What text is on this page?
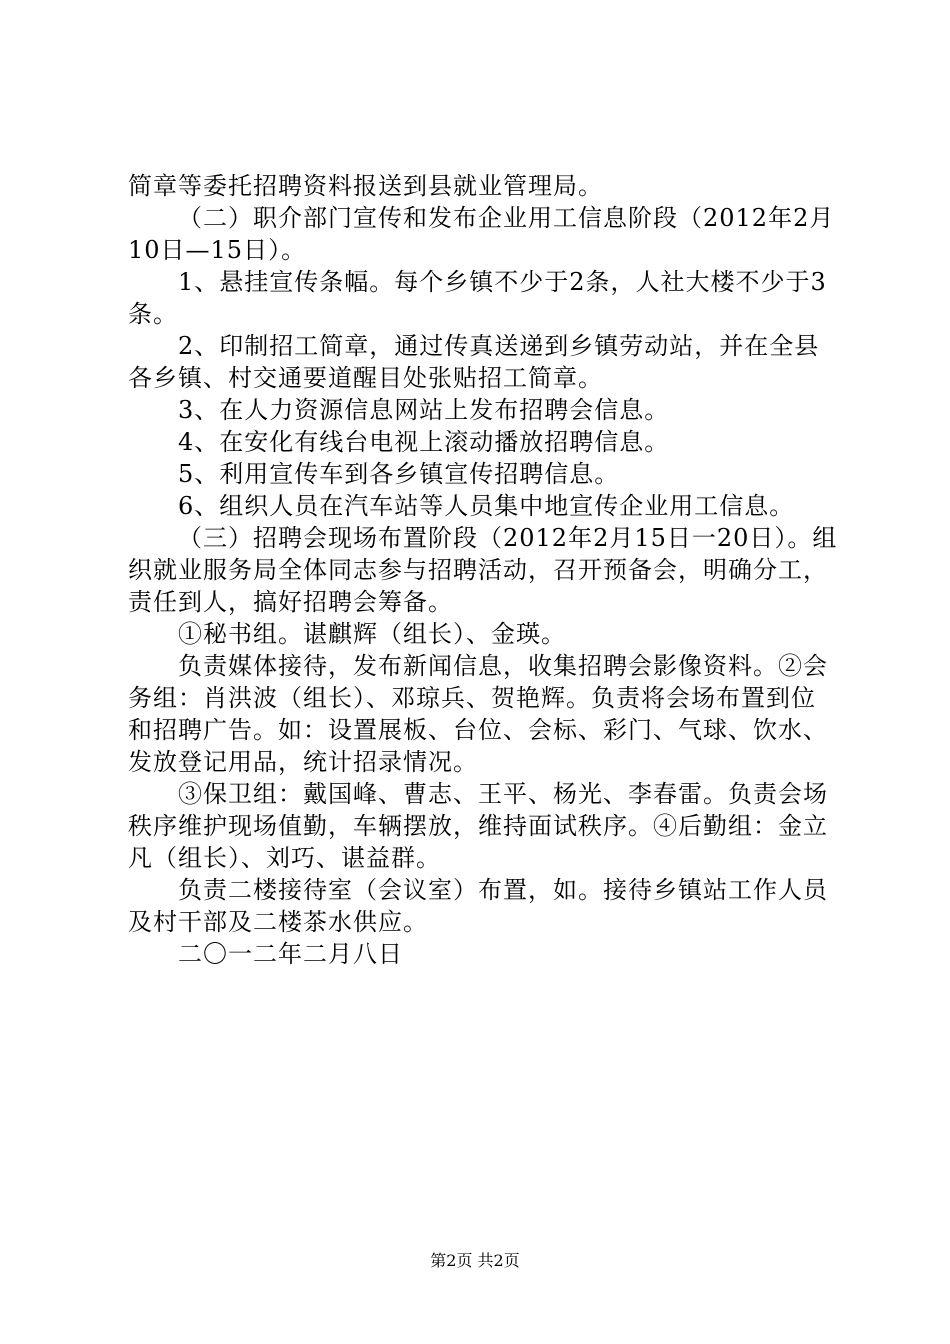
简章等委托招聘资料报送到县就业管理局。

（二）职介部门宣传和发布企业用工信息阶段（2012年2月10日—15日）。

1、悬挂宣传条幅。每个乡镇不少于2条，人社大楼不少于3条。

2、印制招工简章，通过传真送递到乡镇劳动站，并在全县各乡镇、村交通要道醒目处张贴招工简章。

3、在人力资源信息网站上发布招聘会信息。

4、在安化有线台电视上滚动播放招聘信息。

5、利用宣传车到各乡镇宣传招聘信息。

6、组织人员在汽车站等人员集中地宣传企业用工信息。

（三）招聘会现场布置阶段（2012年2月15日一20日）。组织就业服务局全体同志参与招聘活动，召开预备会，明确分工，责任到人，搞好招聘会筹备。

①秘书组。谌麒辉（组长）、金瑛。

负责媒体接待，发布新闻信息，收集招聘会影像资料。②会务组：肖洪波（组长）、邓琼兵、贺艳辉。负责将会场布置到位和招聘广告。如：设置展板、台位、会标、彩门、气球、饮水、发放登记用品，统计招录情况。

③保卫组：戴国峰、曹志、王平、杨光、李春雷。负责会场秩序维护现场值勤，车辆摆放，维持面试秩序。④后勤组：金立凡（组长）、刘巧、谌益群。

负责二楼接待室（会议室）布置，如。接待乡镇站工作人员及村干部及二楼茶水供应。

二〇一二年二月八日

第2页 共2页
